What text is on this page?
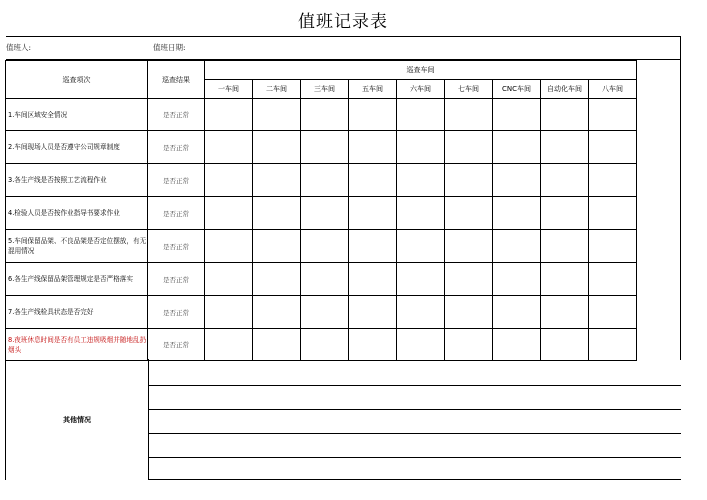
值班记录表
值班人:	值班日期:
巡查项次	巡查结果	巡查车间								
		一车间	二车间	三车间	五车间	六车间	七车间	CNC车间	自动化车间	八车间
1.车间区域安全情况	是否正常									
2.车间现场人员是否遵守公司规章制度	是否正常									
3.各生产线是否按照工艺流程作业	是否正常									
4.检验人员是否按作业指导书要求作业	是否正常									
5.车间保留品架、不良品架是否定位摆放，有无混用情况	是否正常									
6.各生产线保留品架管理规定是否严格落实	是否正常									
7.各生产线检具状态是否完好	是否正常									
8.夜班休息时间是否有员工违规吸烟并随地乱扔烟头	是否正常									
其他情况
